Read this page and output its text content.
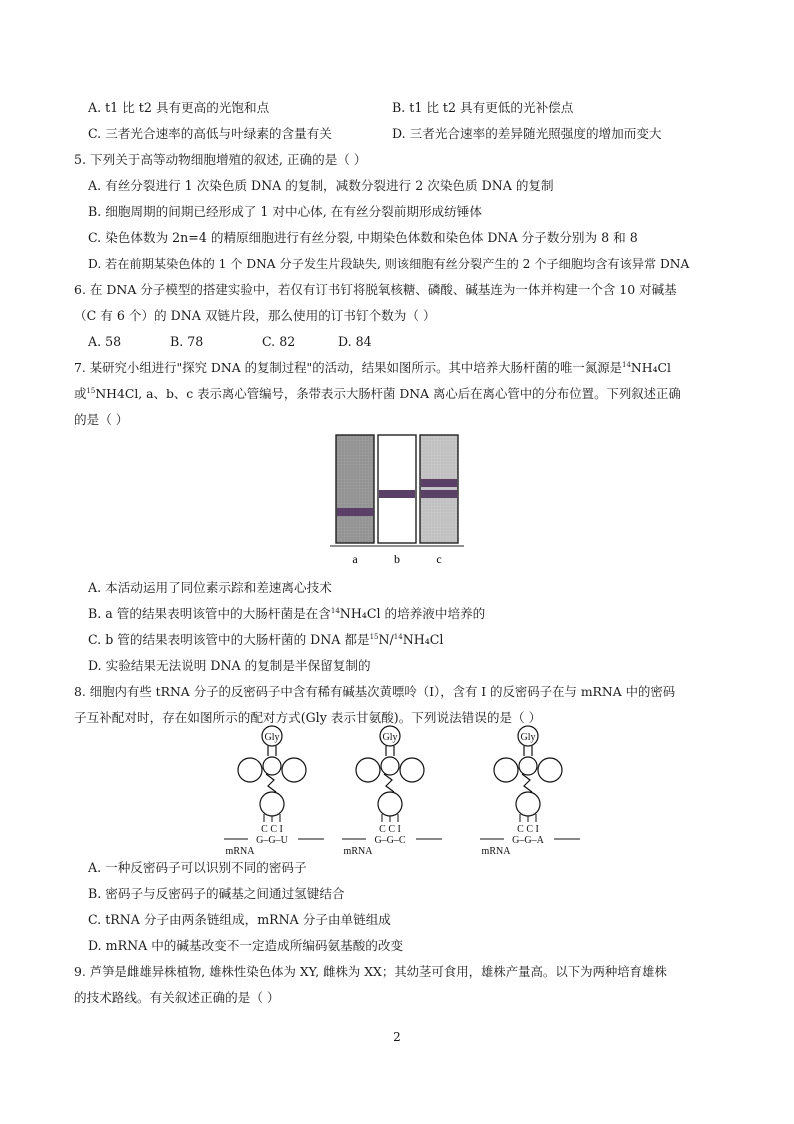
A. t1 比 t2 具有更高的光饱和点	B. t1 比 t2 具有更低的光补偿点
C. 三者光合速率的高低与叶绿素的含量有关	D. 三者光合速率的差异随光照强度的增加而变大
5. 下列关于高等动物细胞增殖的叙述, 正确的是（ ）
A. 有丝分裂进行 1 次染色质 DNA 的复制，减数分裂进行 2 次染色质 DNA 的复制
B. 细胞周期的间期已经形成了 1 对中心体, 在有丝分裂前期形成纺锤体
C. 染色体数为 2n=4 的精原细胞进行有丝分裂, 中期染色体数和染色体 DNA 分子数分别为 8 和 8
D. 若在前期某染色体的 1 个 DNA 分子发生片段缺失, 则该细胞有丝分裂产生的 2 个子细胞均含有该异常 DNA
6. 在 DNA 分子模型的搭建实验中，若仅有订书钉将脱氧核糖、磷酸、碱基连为一体并构建一个含 10 对碱基
（C 有 6 个）的 DNA 双链片段，那么使用的订书钉个数为（ ）
A. 58	B. 78	C. 82	D. 84
7. 某研究小组进行"探究 DNA 的复制过程"的活动，结果如图所示。其中培养大肠杆菌的唯一氮源是$^{14}$NH₄Cl
或$^{15}$NH4Cl, a、b、c 表示离心管编号，条带表示大肠杆菌 DNA 离心后在离心管中的分布位置。下列叙述正确
的是（ ）
a	b	c
A. 本活动运用了同位素示踪和差速离心技术
B. a 管的结果表明该管中的大肠杆菌是在含$^{14}$NH₄Cl 的培养液中培养的
C. b 管的结果表明该管中的大肠杆菌的 DNA 都是$^{15}$N/$^{14}$NH₄Cl
D. 实验结果无法说明 DNA 的复制是半保留复制的
8. 细胞内有些 tRNA 分子的反密码子中含有稀有碱基次黄嘌呤（I），含有 I 的反密码子在与 mRNA 中的密码
子互补配对时，存在如图所示的配对方式(Gly 表示甘氨酸)。下列说法错误的是（ ）
Gly
C C I
G–G–U
mRNA
Gly
C C I
G–G–C
mRNA
Gly
C C I
G–G–A
mRNA
A. 一种反密码子可以识别不同的密码子
B. 密码子与反密码子的碱基之间通过氢键结合
C. tRNA 分子由两条链组成，mRNA 分子由单链组成
D. mRNA 中的碱基改变不一定造成所编码氨基酸的改变
9. 芦笋是雌雄异株植物, 雄株性染色体为 XY, 雌株为 XX；其幼茎可食用，雄株产量高。以下为两种培育雄株
的技术路线。有关叙述正确的是（ ）
2
